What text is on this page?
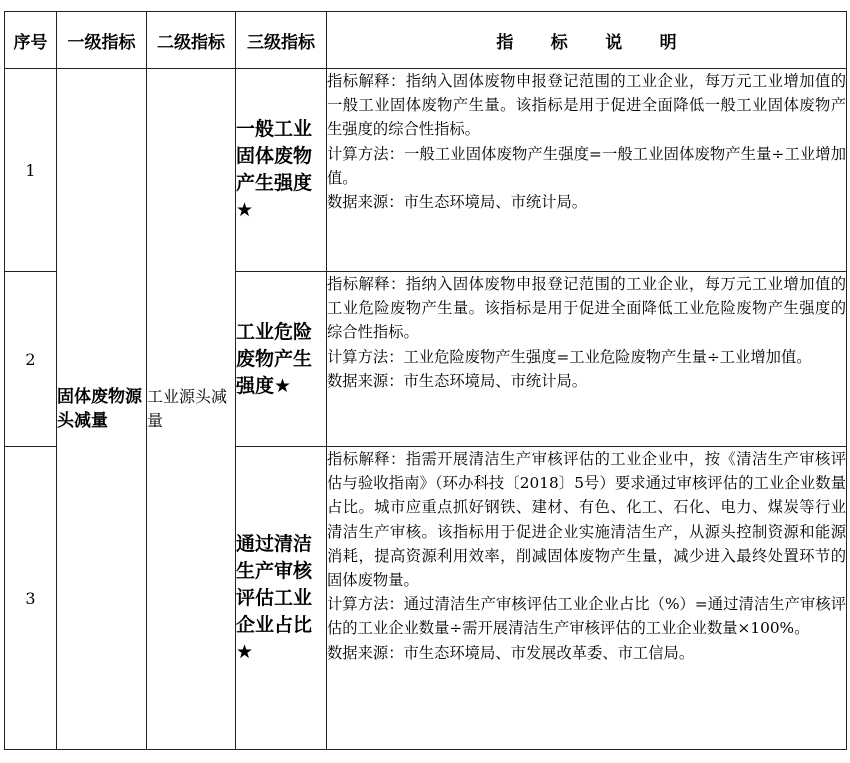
序号	一级指标	二级指标	三级指标	指标说明
1	固体废物源头减量	工业源头减量	一般工业固体废物产生强度★	指标解释：指纳入固体废物申报登记范围的工业企业，每万元工业增加值的一般工业固体废物产生量。该指标是用于促进全面降低一般工业固体废物产生强度的综合性指标。

计算方法：一般工业固体废物产生强度=一般工业固体废物产生量÷工业增加值。

数据来源：市生态环境局、市统计局。

2			工业危险废物产生强度★	指标解释：指纳入固体废物申报登记范围的工业企业，每万元工业增加值的工业危险废物产生量。该指标是用于促进全面降低工业危险废物产生强度的综合性指标。

计算方法：工业危险废物产生强度=工业危险废物产生量÷工业增加值。

数据来源：市生态环境局、市统计局。

3			通过清洁生产审核评估工业企业占比★	指标解释：指需开展清洁生产审核评估的工业企业中，按《清洁生产审核评估与验收指南》（环办科技〔2018〕5号）要求通过审核评估的工业企业数量占比。城市应重点抓好钢铁、建材、有色、化工、石化、电力、煤炭等行业清洁生产审核。该指标用于促进企业实施清洁生产，从源头控制资源和能源消耗，提高资源利用效率，削减固体废物产生量，减少进入最终处置环节的固体废物量。

计算方法：通过清洁生产审核评估工业企业占比（%）=通过清洁生产审核评估的工业企业数量÷需开展清洁生产审核评估的工业企业数量×100%。

数据来源：市生态环境局、市发展改革委、市工信局。
